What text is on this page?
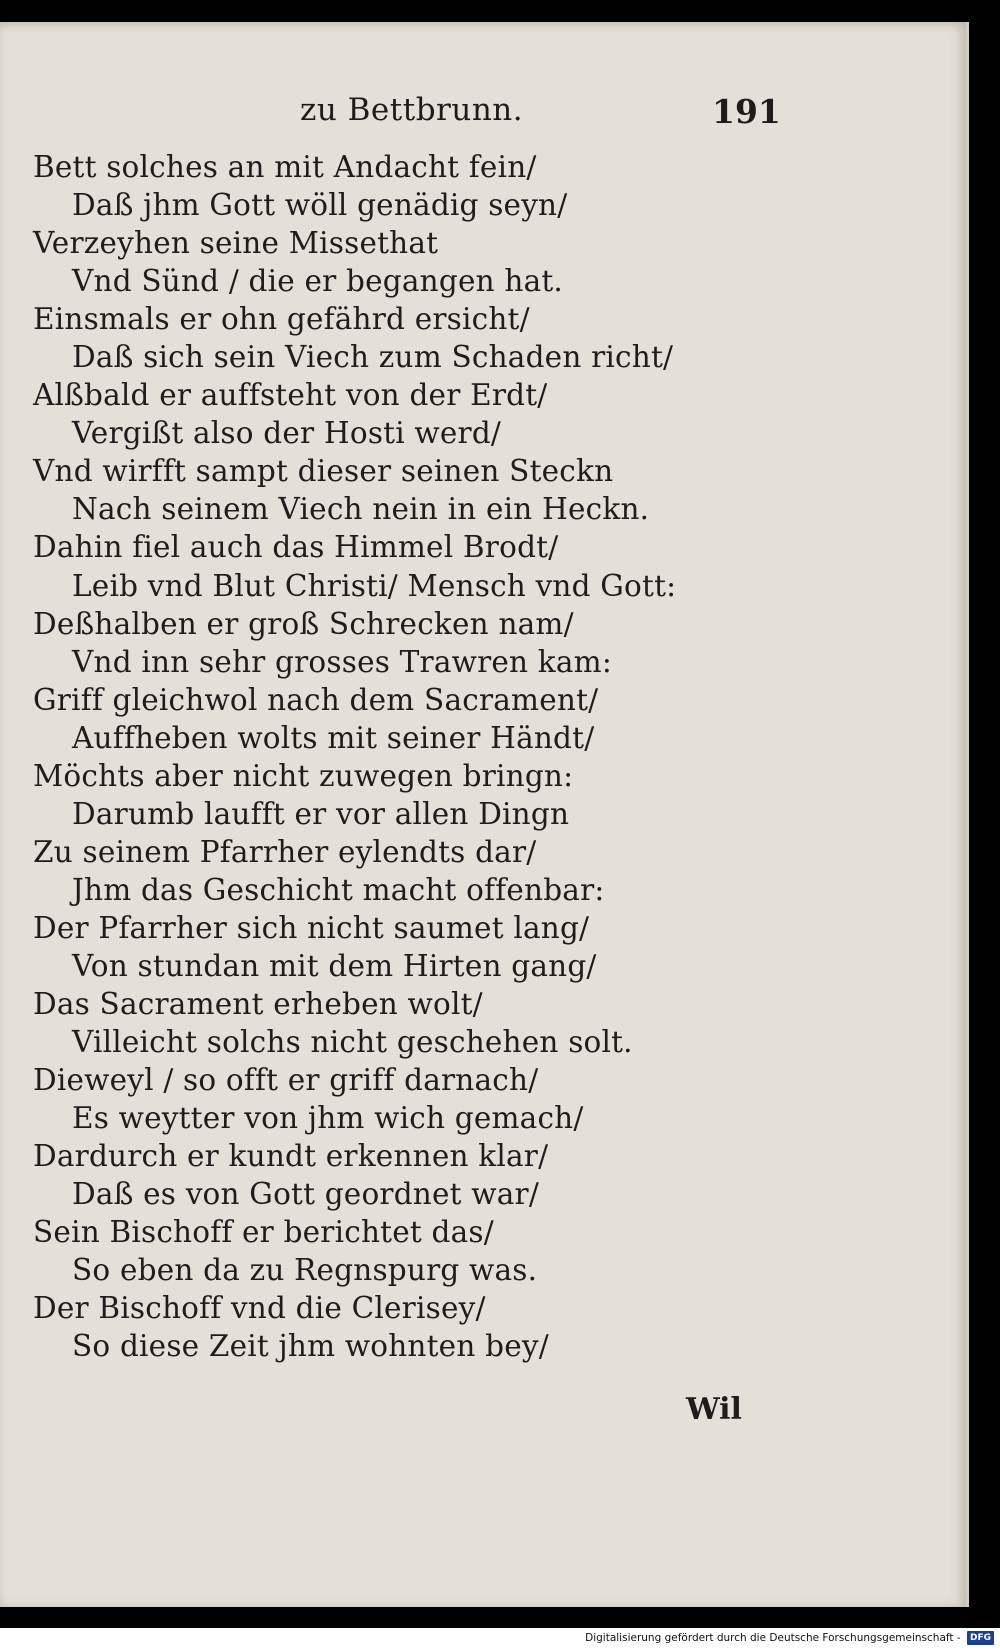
zu Bettbrunn.	191
Bett solches an mit Andacht fein/
Daß jhm Gott wöll genädig seyn/
Verzeyhen seine Missethat
Vnd Sünd / die er begangen hat.
Einsmals er ohn gefährd ersicht/
Daß sich sein Viech zum Schaden richt/
Alßbald er auffsteht von der Erdt/
Vergißt also der Hosti werd/
Vnd wirfft sampt dieser seinen Steckn
Nach seinem Viech nein in ein Heckn.
Dahin fiel auch das Himmel Brodt/
Leib vnd Blut Christi/ Mensch vnd Gott:
Deßhalben er groß Schrecken nam/
Vnd inn sehr grosses Trawren kam:
Griff gleichwol nach dem Sacrament/
Auffheben wolts mit seiner Händt/
Möchts aber nicht zuwegen bringn:
Darumb laufft er vor allen Dingn
Zu seinem Pfarrher eylendts dar/
Jhm das Geschicht macht offenbar:
Der Pfarrher sich nicht saumet lang/
Von stundan mit dem Hirten gang/
Das Sacrament erheben wolt/
Villeicht solchs nicht geschehen solt.
Dieweyl / so offt er griff darnach/
Es weytter von jhm wich gemach/
Dardurch er kundt erkennen klar/
Daß es von Gott geordnet war/
Sein Bischoff er berichtet das/
So eben da zu Regnspurg was.
Der Bischoff vnd die Clerisey/
So diese Zeit jhm wohnten bey/
Wil
Digitalisierung gefördert durch die Deutsche Forschungsgemeinschaft - DFG
